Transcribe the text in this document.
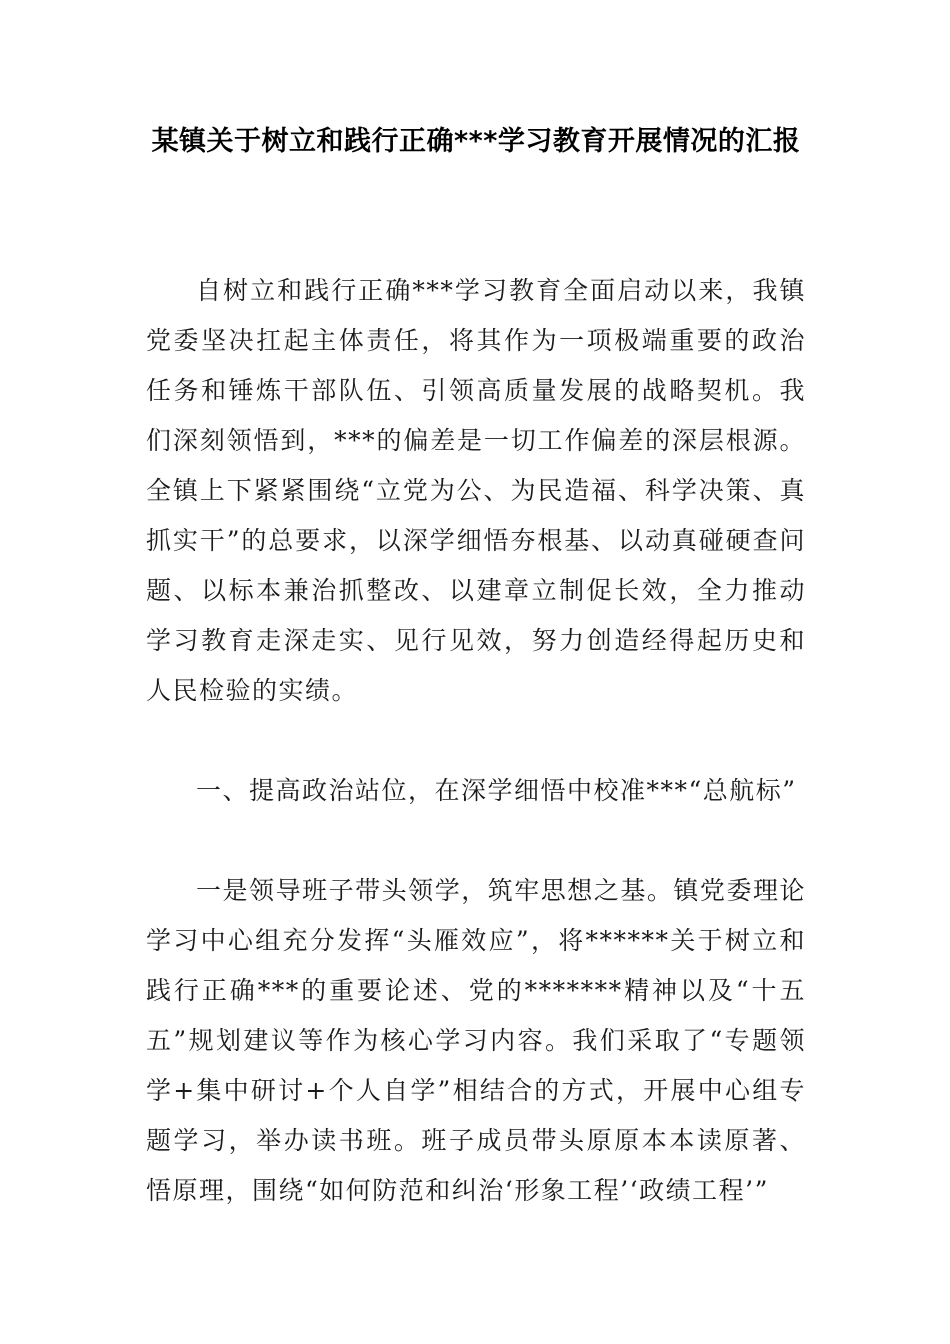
某镇关于树立和践行正确***学习教育开展情况的汇报

自树立和践行正确***学习教育全面启动以来，我镇党委坚决扛起主体责任，将其作为一项极端重要的政治任务和锤炼干部队伍、引领高质量发展的战略契机。我们深刻领悟到，***的偏差是一切工作偏差的深层根源。全镇上下紧紧围绕“立党为公、为民造福、科学决策、真抓实干”的总要求，以深学细悟夯根基、以动真碰硬查问题、以标本兼治抓整改、以建章立制促长效，全力推动学习教育走深走实、见行见效，努力创造经得起历史和人民检验的实绩。

一、提高政治站位，在深学细悟中校准***“总航标”

一是领导班子带头领学，筑牢思想之基。镇党委理论学习中心组充分发挥“头雁效应”，将******关于树立和践行正确***的重要论述、党的*******精神以及“十五五”规划建议等作为核心学习内容。我们采取了“专题领学+集中研讨+个人自学”相结合的方式，开展中心组专题学习，举办读书班。班子成员带头原原本本读原著、悟原理，围绕“如何防范和纠治‘形象工程’‘政绩工程’”
